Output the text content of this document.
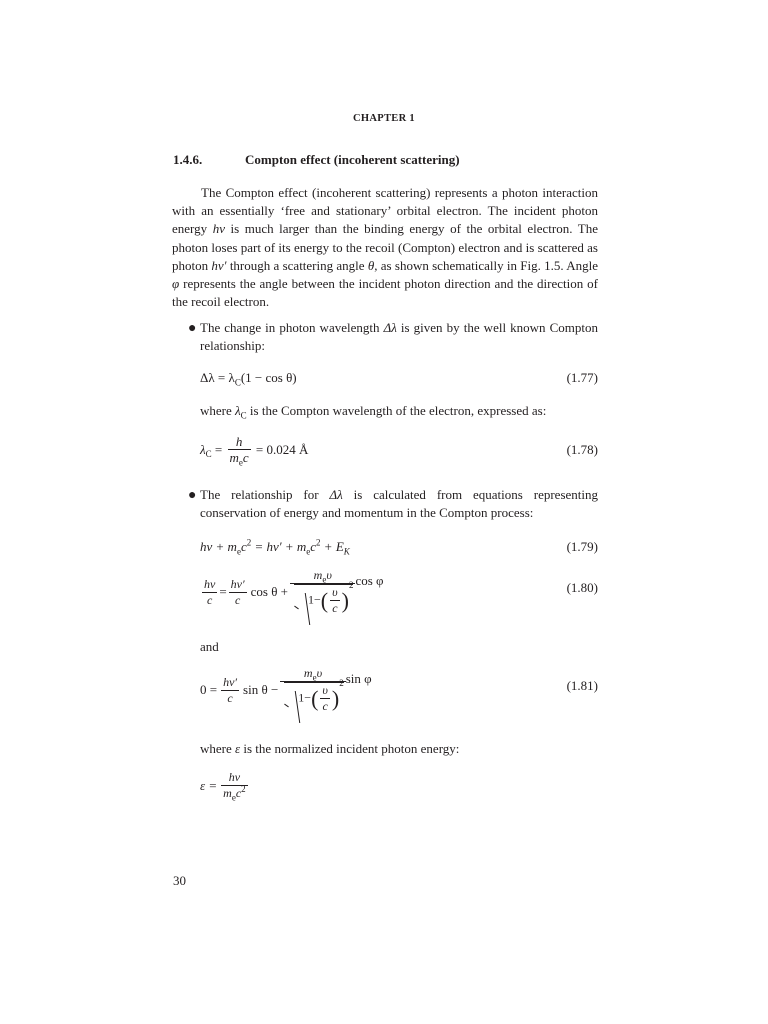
CHAPTER 1
1.4.6.	Compton effect (incoherent scattering)
The Compton effect (incoherent scattering) represents a photon interaction with an essentially ‘free and stationary’ orbital electron. The incident photon energy hν is much larger than the binding energy of the orbital electron. The photon loses part of its energy to the recoil (Compton) electron and is scattered as photon hν′ through a scattering angle θ, as shown schematically in Fig. 1.5. Angle φ represents the angle between the incident photon direction and the direction of the recoil electron.
● The change in photon wavelength Δλ is given by the well known Compton relationship:
$\Delta\lambda = \lambda_C(1 - \cos \theta)$	(1.77)
where $\lambda_C$ is the Compton wavelength of the electron, expressed as:
λ $C = \frac{h}{m_ec} = 0.024$ Å	(1.78)
● The relationship for Δλ is calculated from equations representing conservation of energy and momentum in the Compton process:
$h\nu + m_ec^2 = h\nu' + m_ec^2 + E_K$	(1.79)
$\frac{h\nu}{c} = \frac{h\nu'}{c}$ $\cos \theta + \frac{m_e\upsilon}{1-( \frac{\upsilon}{c} )^2}$ cos φ	(1.80)
and
$0 = \frac{h\nu'}{c}$ $\sin \theta - \frac{m_e\upsilon}{1-( \frac{\upsilon}{c} )^2}$ sin φ	(1.81)
where ε is the normalized incident photon energy:
$\varepsilon = \frac{h\nu}{m_ec^2}$
30
